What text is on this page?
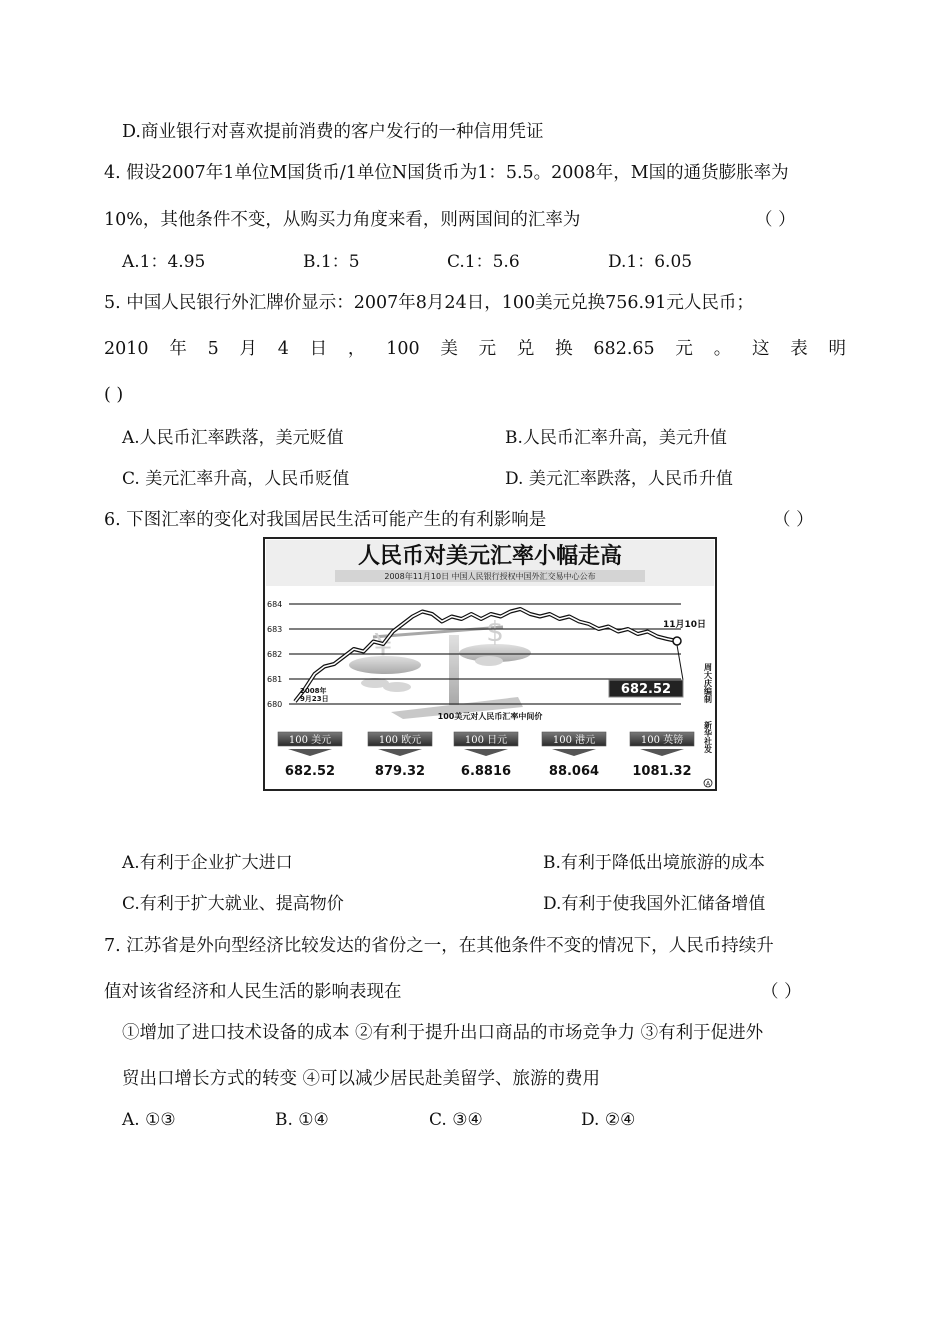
D.商业银行对喜欢提前消费的客户发行的一种信用凭证
4. 假设2007年1单位M国货币/1单位N国货币为1：5.5。2008年，M国的通货膨胀率为
10%，其他条件不变，从购买力角度来看，则两国间的汇率为	（ ）
A.1：4.95	B.1：5	C.1：5.6	D.1：6.05
5. 中国人民银行外汇牌价显示：2007年8月24日，100美元兑换756.91元人民币；
2010 年 5 月 4 日 ， 100 美 元 兑 换 682.65 元 。 这 表 明
( )
A.人民币汇率跌落，美元贬值	B.人民币汇率升高，美元升值
C. 美元汇率升高，人民币贬值	D. 美元汇率跌落，人民币升值
6. 下图汇率的变化对我国居民生活可能产生的有利影响是	（ ）
人民币对美元汇率小幅走高
2008年11月10日 中国人民银行授权中国外汇交易中心公布
¥	$
684
683
682
681
680
2008年
9月23日
11月10日
682.52
100美元对人民币汇率中间价
周大庆编制
新华社发
A
100 美元
682.52
100 欧元
879.32
100 日元
6.8816
100 港元
88.064
100 英镑
1081.32
A.有利于企业扩大进口	B.有利于降低出境旅游的成本
C.有利于扩大就业、提高物价	D.有利于使我国外汇储备增值
7. 江苏省是外向型经济比较发达的省份之一，在其他条件不变的情况下，人民币持续升
值对该省经济和人民生活的影响表现在	（ ）
①增加了进口技术设备的成本 ②有利于提升出口商品的市场竞争力 ③有利于促进外
贸出口增长方式的转变 ④可以减少居民赴美留学、旅游的费用
A. ①③	B. ①④	C. ③④	D. ②④
